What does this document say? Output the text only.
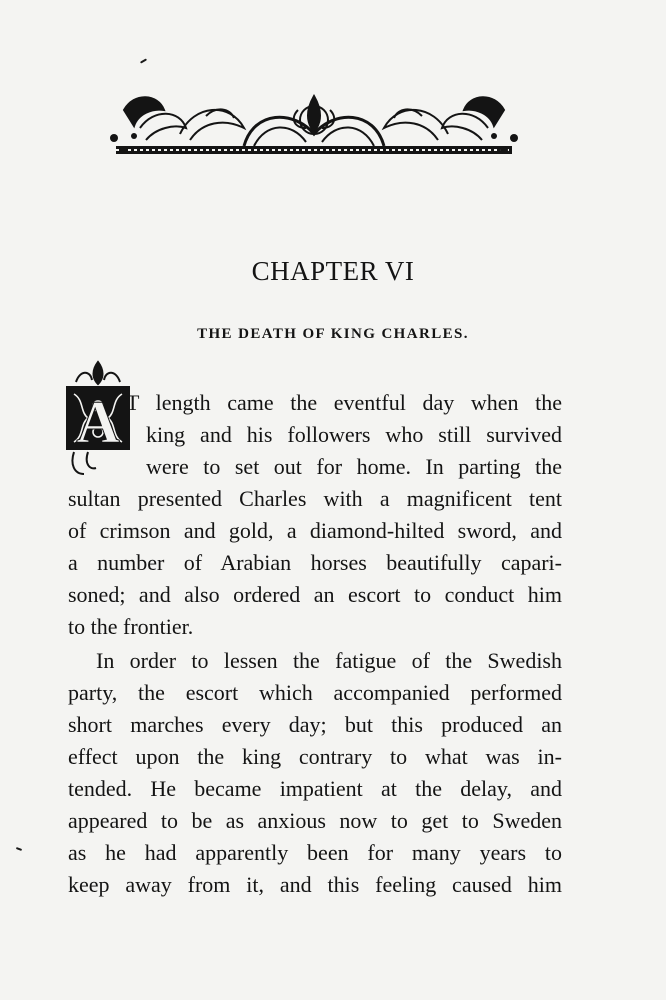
CHAPTER VI
THE DEATH OF KING CHARLES.
A T length came the eventful day when the
king and his followers who still survived
were to set out for home. In parting the
sultan presented Charles with a magnificent tent
of crimson and gold, a diamond-hilted sword, and
a number of Arabian horses beautifully capari-
soned; and also ordered an escort to conduct him
to the frontier.
In order to lessen the fatigue of the Swedish
party, the escort which accompanied performed
short marches every day; but this produced an
effect upon the king contrary to what was in-
tended. He became impatient at the delay, and
appeared to be as anxious now to get to Sweden
as he had apparently been for many years to
keep away from it, and this feeling caused him
